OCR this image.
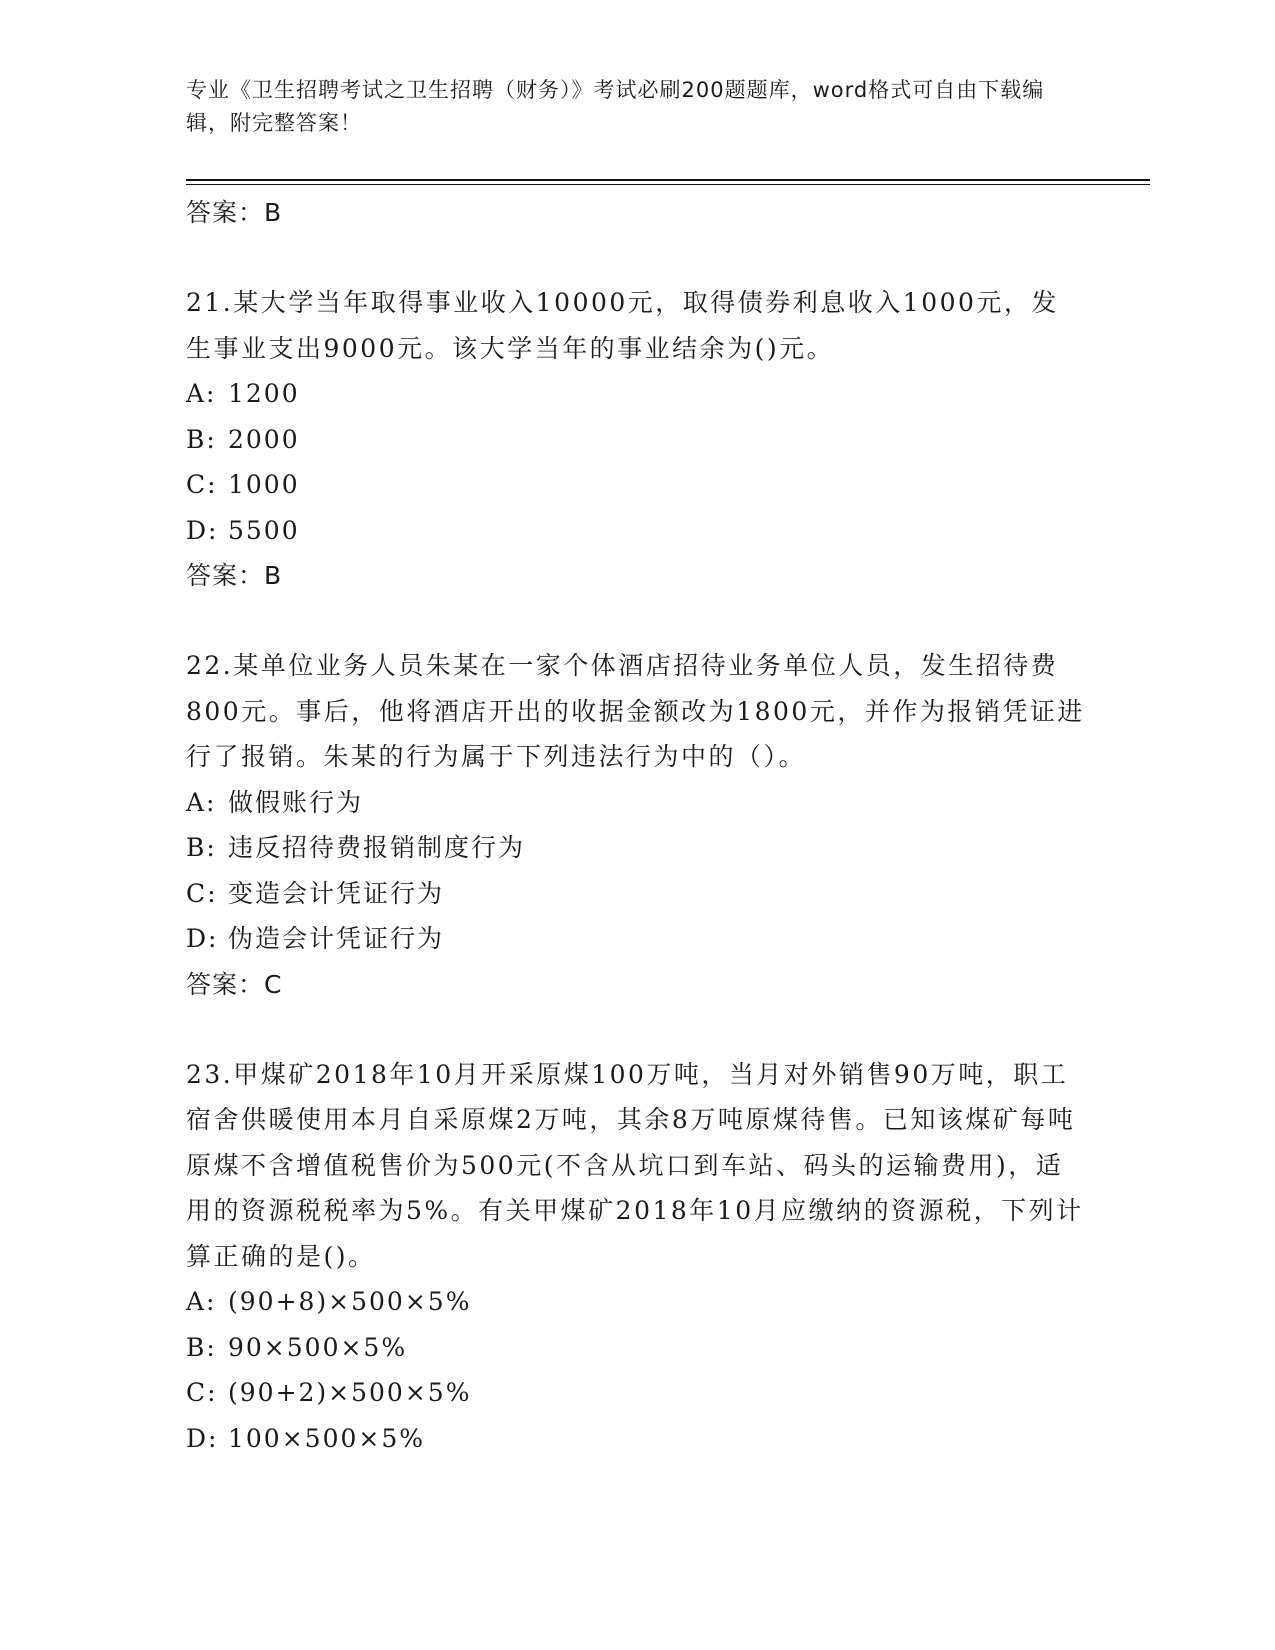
专业《卫生招聘考试之卫生招聘（财务）》考试必刷200题题库，word格式可自由下载编辑，附完整答案！
答案：B
21.某大学当年取得事业收入10000元，取得债券利息收入1000元，发生事业支出9000元。该大学当年的事业结余为()元。
A: 1200
B: 2000
C: 1000
D: 5500
答案：B
22.某单位业务人员朱某在一家个体酒店招待业务单位人员，发生招待费800元。事后，他将酒店开出的收据金额改为1800元，并作为报销凭证进行了报销。朱某的行为属于下列违法行为中的（）。
A: 做假账行为
B: 违反招待费报销制度行为
C: 变造会计凭证行为
D: 伪造会计凭证行为
答案：C
23.甲煤矿2018年10月开采原煤100万吨，当月对外销售90万吨，职工宿舍供暖使用本月自采原煤2万吨，其余8万吨原煤待售。已知该煤矿每吨原煤不含增值税售价为500元(不含从坑口到车站、码头的运输费用)，适用的资源税税率为5%。有关甲煤矿2018年10月应缴纳的资源税，下列计算正确的是()。
A: (90+8)×500×5%
B: 90×500×5%
C: (90+2)×500×5%
D: 100×500×5%
